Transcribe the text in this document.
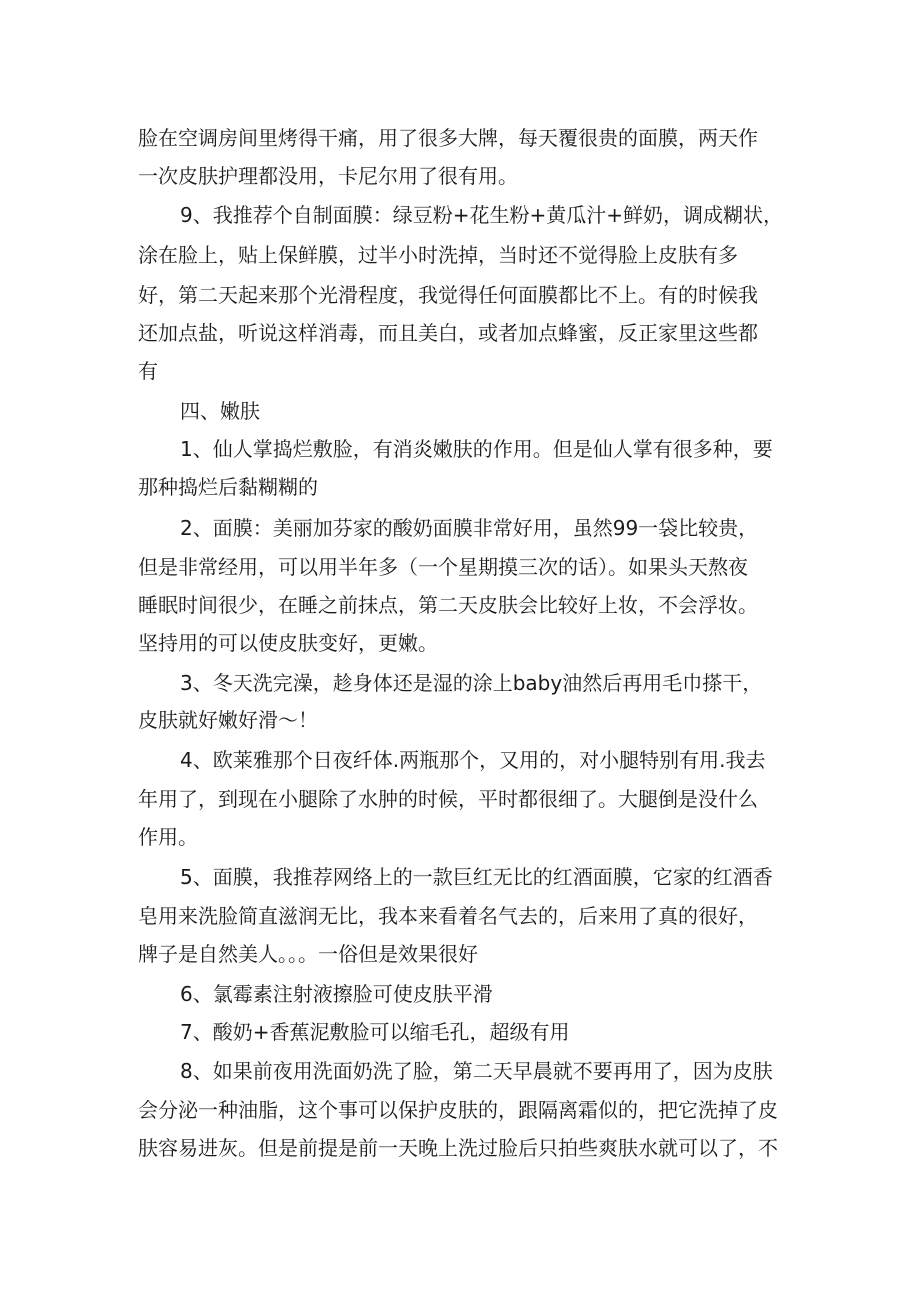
脸在空调房间里烤得干痛，用了很多大牌，每天覆很贵的面膜，两天作
一次皮肤护理都没用，卡尼尔用了很有用。
9、我推荐个自制面膜：绿豆粉+花生粉+黄瓜汁+鲜奶，调成糊状，
涂在脸上，贴上保鲜膜，过半小时洗掉，当时还不觉得脸上皮肤有多
好，第二天起来那个光滑程度，我觉得任何面膜都比不上。有的时候我
还加点盐，听说这样消毒，而且美白，或者加点蜂蜜，反正家里这些都
有
四、嫩肤
1、仙人掌捣烂敷脸，有消炎嫩肤的作用。但是仙人掌有很多种，要
那种捣烂后黏糊糊的
2、面膜：美丽加芬家的酸奶面膜非常好用，虽然99一袋比较贵，
但是非常经用，可以用半年多（一个星期摸三次的话）。如果头天熬夜
睡眠时间很少，在睡之前抹点，第二天皮肤会比较好上妆，不会浮妆。
坚持用的可以使皮肤变好，更嫩。
3、冬天洗完澡，趁身体还是湿的涂上baby油然后再用毛巾搽干，
皮肤就好嫩好滑～！
4、欧莱雅那个日夜纤体.两瓶那个，又用的，对小腿特别有用.我去
年用了，到现在小腿除了水肿的时候，平时都很细了。大腿倒是没什么
作用。
5、面膜，我推荐网络上的一款巨红无比的红酒面膜，它家的红酒香
皂用来洗脸简直滋润无比，我本来看着名气去的，后来用了真的很好，
牌子是自然美人。。。一俗但是效果很好
6、氯霉素注射液擦脸可使皮肤平滑
7、酸奶+香蕉泥敷脸可以缩毛孔，超级有用
8、如果前夜用洗面奶洗了脸，第二天早晨就不要再用了，因为皮肤
会分泌一种油脂，这个事可以保护皮肤的，跟隔离霜似的，把它洗掉了皮
肤容易进灰。但是前提是前一天晚上洗过脸后只拍些爽肤水就可以了，不
